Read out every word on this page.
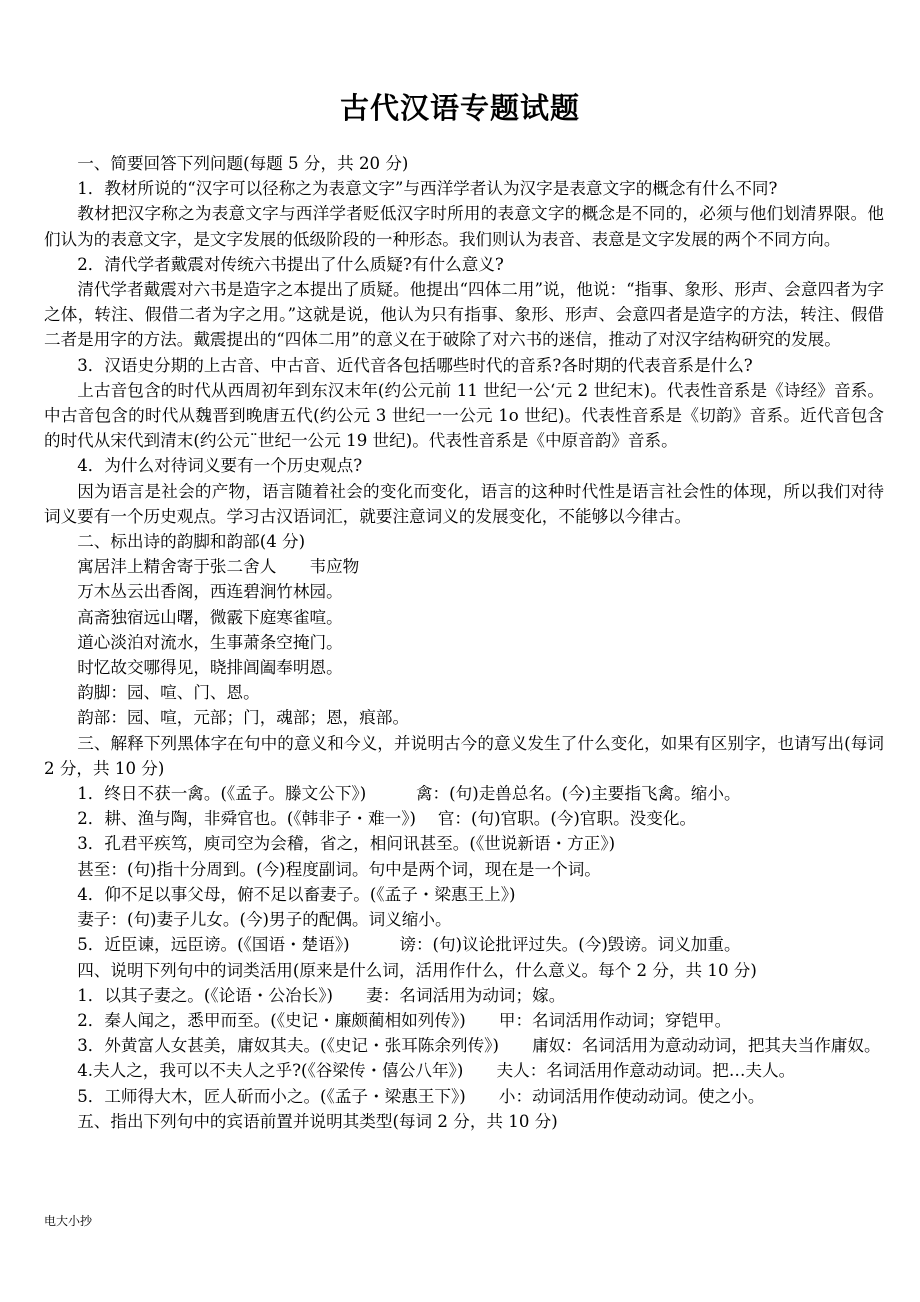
古代汉语专题试题

一、简要回答下列问题(每题 5 分，共 20 分)

1．教材所说的“汉字可以径称之为表意文字”与西洋学者认为汉字是表意文字的概念有什么不同?

教材把汉字称之为表意文字与西洋学者贬低汉字时所用的表意文字的概念是不同的，必须与他们划清界限。他们认为的表意文字，是文字发展的低级阶段的一种形态。我们则认为表音、表意是文字发展的两个不同方向。

2．清代学者戴震对传统六书提出了什么质疑?有什么意义?

清代学者戴震对六书是造字之本提出了质疑。他提出“四体二用”说，他说：“指事、象形、形声、会意四者为字之体，转注、假借二者为字之用。”这就是说，他认为只有指事、象形、形声、会意四者是造字的方法，转注、假借二者是用字的方法。戴震提出的“四体二用”的意义在于破除了对六书的迷信，推动了对汉字结构研究的发展。

3．汉语史分期的上古音、中古音、近代音各包括哪些时代的音系?各时期的代表音系是什么?

上古音包含的时代从西周初年到东汉末年(约公元前 11 世纪一公‘元 2 世纪末)。代表性音系是《诗经》音系。中古音包含的时代从魏晋到晚唐五代(约公元 3 世纪一一公元 1o 世纪)。代表性音系是《切韵》音系。近代音包含的时代从宋代到清末(约公元¨世纪一公元 19 世纪)。代表性音系是《中原音韵》音系。

4．为什么对待词义要有一个历史观点?

因为语言是社会的产物，语言随着社会的变化而变化，语言的这种时代性是语言社会性的体现，所以我们对待词义要有一个历史观点。学习古汉语词汇，就要注意词义的发展变化，不能够以今律古。

二、标出诗的韵脚和韵部(4 分)

寓居沣上精舍寄于张二舍人　　韦应物

万木丛云出香阁，西连碧涧竹林园。

高斋独宿远山曙，微霰下庭寒雀喧。

道心淡泊对流水，生事萧条空掩门。

时忆故交哪得见，晓排阊阖奉明恩。

韵脚：园、喧、门、恩。

韵部：园、喧，元部；门，魂部；恩，痕部。

三、解释下列黑体字在句中的意义和今义，并说明古今的意义发生了什么变化，如果有区别字，也请写出(每词 2 分，共 10 分)

1．终日不获一禽。(《孟子。滕文公下》)　　　禽：(句)走兽总名。(今)主要指飞禽。缩小。

2．耕、渔与陶，非舜官也。(《韩非子・难一》)　 官：(句)官职。(今)官职。没变化。

3．孔君平疾笃，庾司空为会稽，省之，相问讯甚至。(《世说新语・方正》)

甚至：(句)指十分周到。(今)程度副词。句中是两个词，现在是一个词。

4．仰不足以事父母，俯不足以畜妻子。(《孟子・梁惠王上》)

妻子：(句)妻子儿女。(今)男子的配偶。词义缩小。

5．近臣谏，远臣谤。(《国语・楚语》)　　　谤：(句)议论批评过失。(今)毁谤。词义加重。

四、说明下列句中的词类活用(原来是什么词，活用作什么，什么意义。每个 2 分，共 10 分)

1．以其子妻之。(《论语・公冶长》)　　妻：名词活用为动词；嫁。

2．秦人闻之，悉甲而至。(《史记・廉颇蔺相如列传》)　　甲：名词活用作动词；穿铠甲。

3．外黄富人女甚美，庸奴其夫。(《史记・张耳陈余列传》)　　庸奴：名词活用为意动动词，把其夫当作庸奴。

4.夫人之，我可以不夫人之乎?(《谷梁传・僖公八年》)　　夫人：名词活用作意动动词。把…夫人。

5．工师得大木，匠人斫而小之。(《孟子・梁惠王下》)　　小：动词活用作使动动词。使之小。

五、指出下列句中的宾语前置并说明其类型(每词 2 分，共 10 分)

电大小抄
